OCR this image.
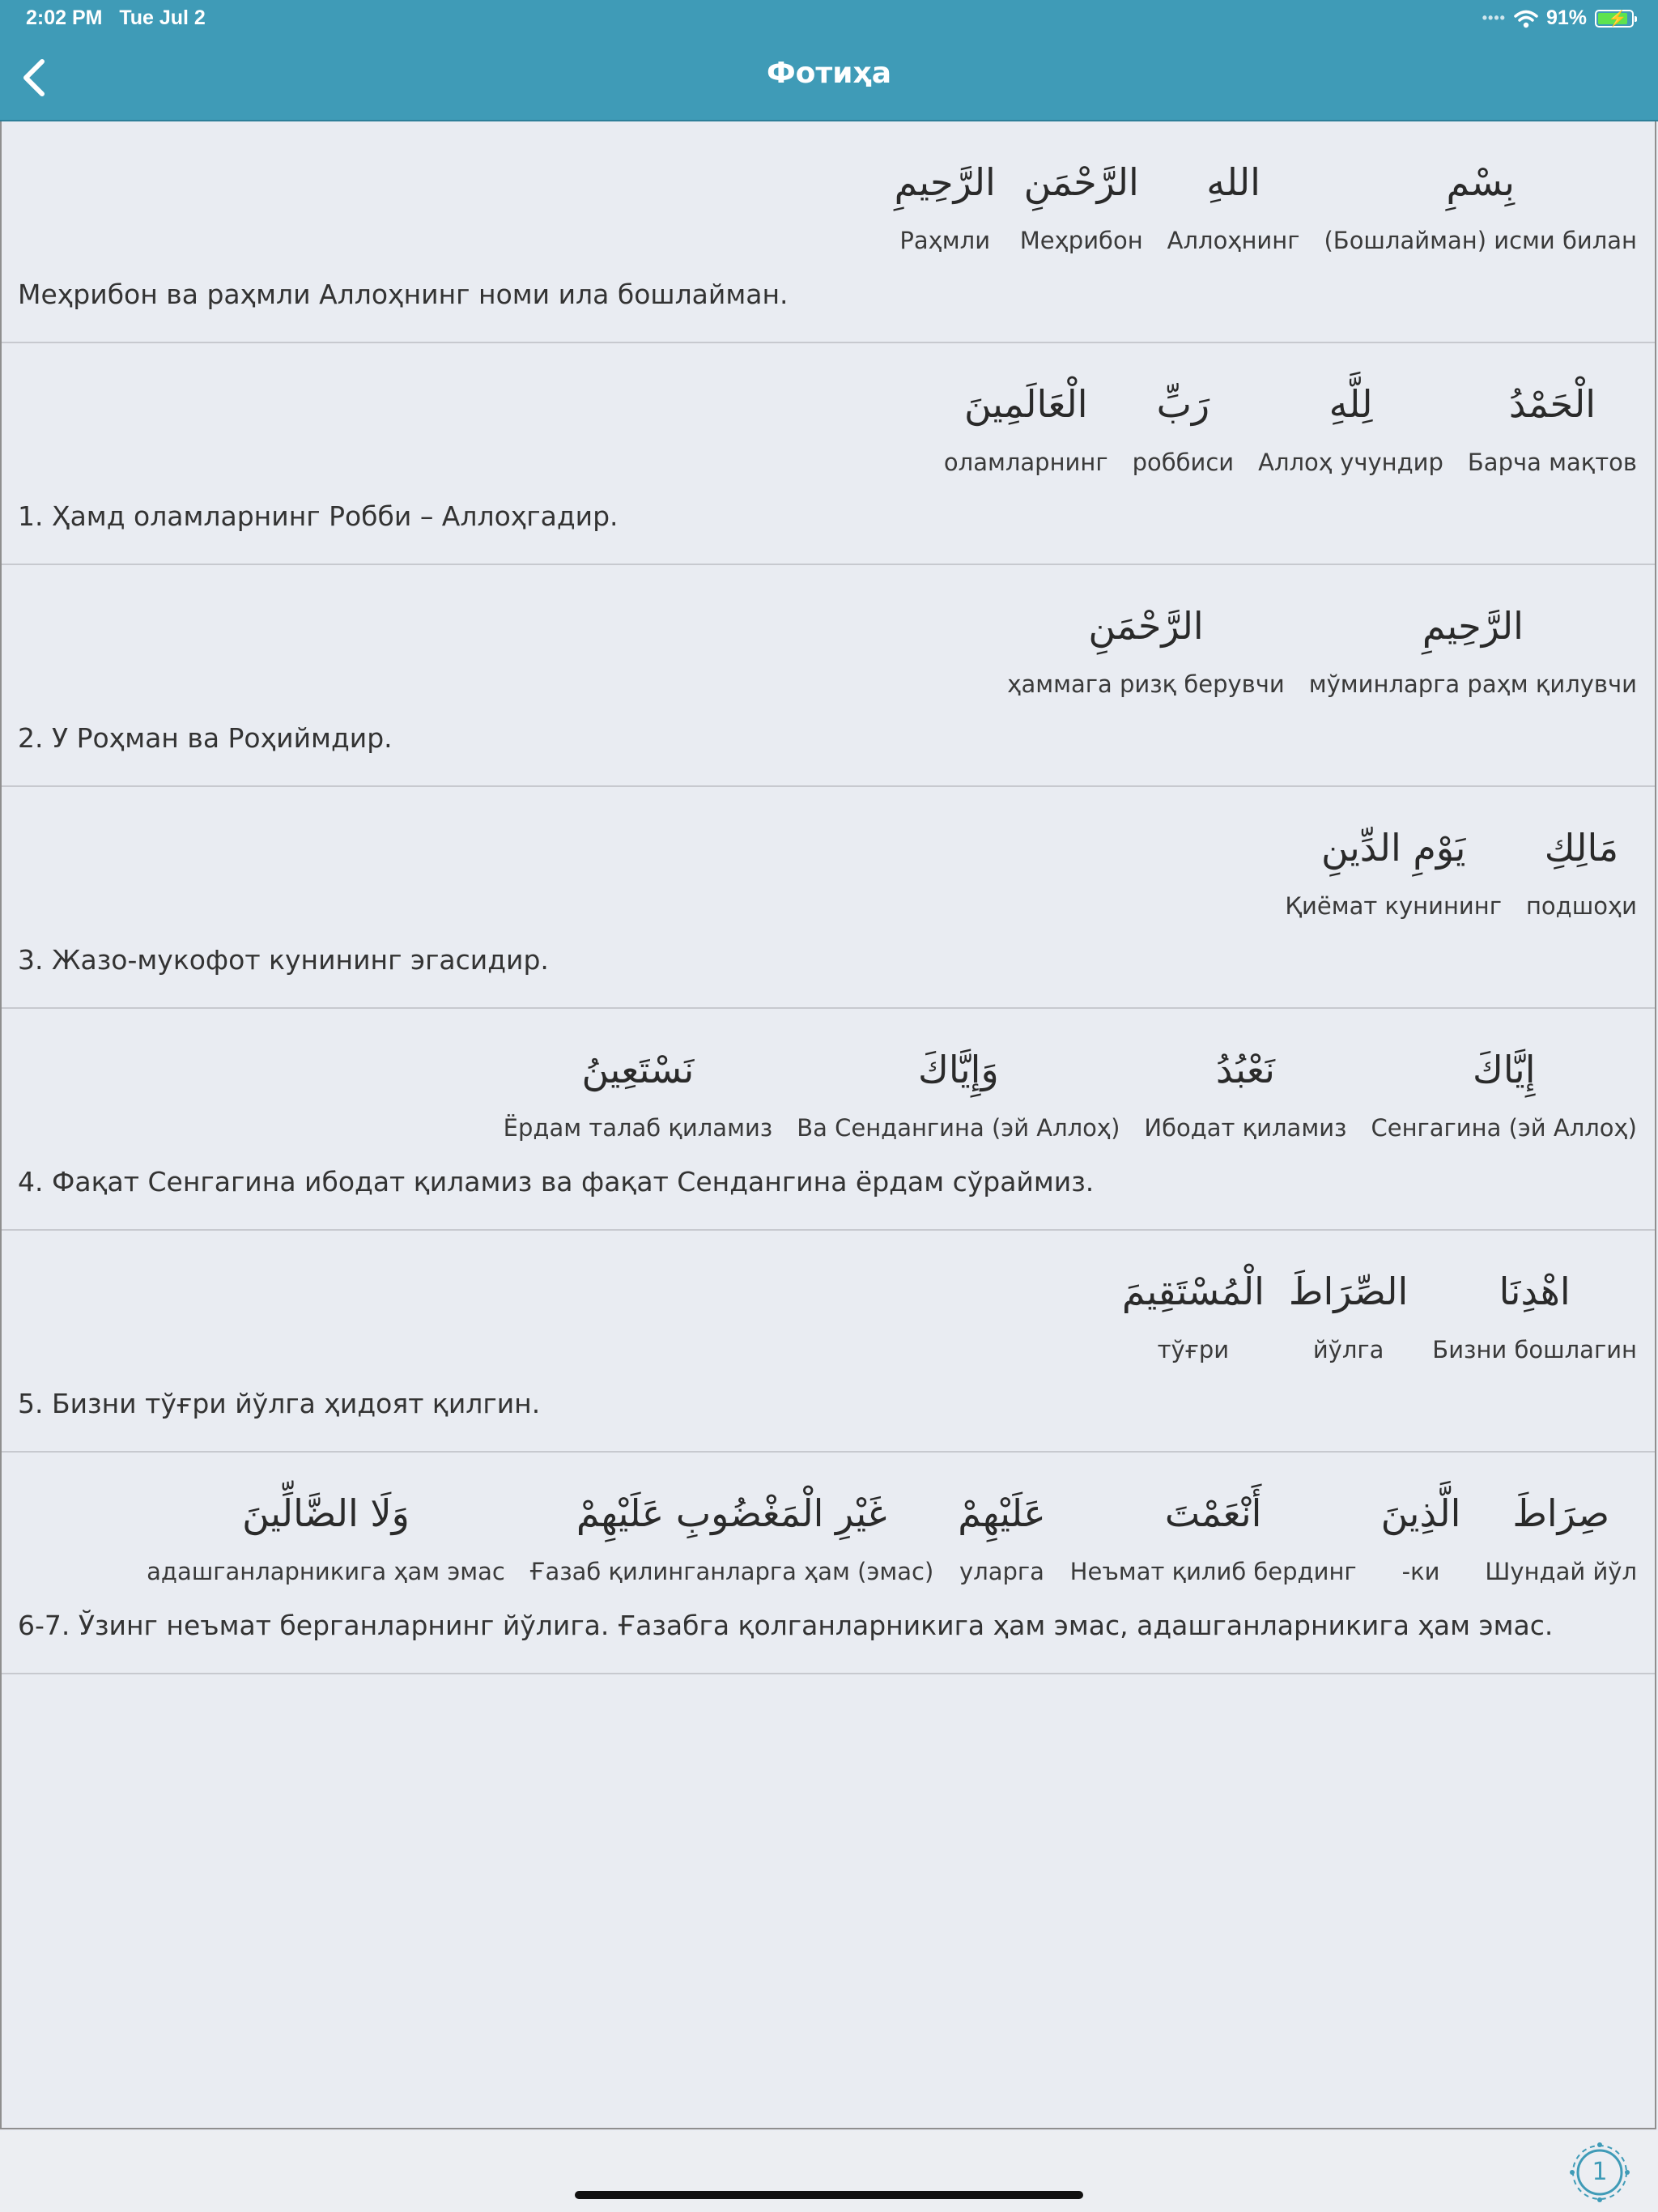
2:02 PM Tue Jul 2	•••• 91% ⚡
Фотиҳа
بِسْمِ
(Бошлайман) исми билан
اللهِ
Аллоҳнинг
الرَّحْمَنِ
Меҳрибон
الرَّحِيمِ
Раҳмли
Меҳрибон ва раҳмли Аллоҳнинг номи ила бошлайман.
الْحَمْدُ
Барча мақтов
لِلَّهِ
Аллоҳ учундир
رَبِّ
роббиси
الْعَالَمِينَ
оламларнинг
1. Ҳамд оламларнинг Робби – Аллоҳгадир.
الرَّحِيمِ
мўминларга раҳм қилувчи
الرَّحْمَنِ
ҳаммага ризқ берувчи
2. У Роҳман ва Роҳиймдир.
مَالِكِ
подшоҳи
يَوْمِ الدِّينِ
Қиёмат кунининг
3. Жазо-мукофот кунининг эгасидир.
إِيَّاكَ
Сенгагина (эй Аллоҳ)
نَعْبُدُ
Ибодат қиламиз
وَإِيَّاكَ
Ва Сендангина (эй Аллоҳ)
نَسْتَعِينُ
Ёрдам талаб қиламиз
4. Фақат Сенгагина ибодат қиламиз ва фақат Сендангина ёрдам сўраймиз.
اهْدِنَا
Бизни бошлагин
الصِّرَاطَ
йўлга
الْمُسْتَقِيمَ
тўғри
5. Бизни тўғри йўлга ҳидоят қилгин.
صِرَاطَ
Шундай йўл
الَّذِينَ
-ки
أَنْعَمْتَ
Неъмат қилиб бердинг
عَلَيْهِمْ
уларга
غَيْرِ الْمَغْضُوبِ عَلَيْهِمْ
Ғазаб қилинганларга ҳам (эмас)
وَلَا الضَّالِّينَ
адашганларникига ҳам эмас
6-7. Ўзинг неъмат берганларнинг йўлига. Ғазабга қолганларникига ҳам эмас, адашганларникига ҳам эмас.
1
